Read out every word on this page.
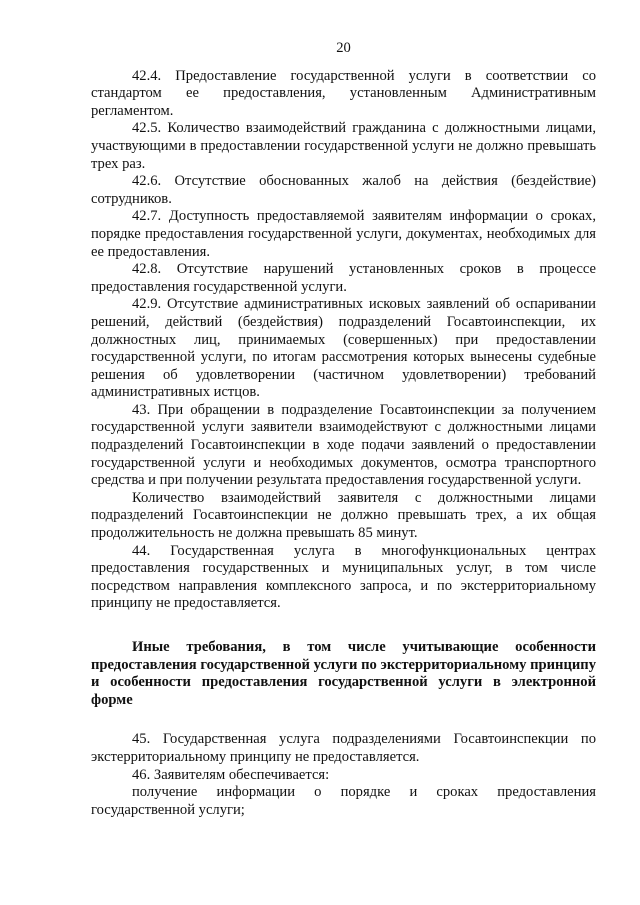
20

42.4. Предоставление государственной услуги в соответствии со стандартом ее предоставления, установленным Административным регламентом.

42.5. Количество взаимодействий гражданина с должностными лицами, участвующими в предоставлении государственной услуги не должно превышать трех раз.

42.6. Отсутствие обоснованных жалоб на действия (бездействие) сотрудников.

42.7. Доступность предоставляемой заявителям информации о сроках, порядке предоставления государственной услуги, документах, необходимых для ее предоставления.

42.8. Отсутствие нарушений установленных сроков в процессе предоставления государственной услуги.

42.9. Отсутствие административных исковых заявлений об оспаривании решений, действий (бездействия) подразделений Госавтоинспекции, их должностных лиц, принимаемых (совершенных) при предоставлении государственной услуги, по итогам рассмотрения которых вынесены судебные решения об удовлетворении (частичном удовлетворении) требований административных истцов.

43. При обращении в подразделение Госавтоинспекции за получением государственной услуги заявители взаимодействуют с должностными лицами подразделений Госавтоинспекции в ходе подачи заявлений о предоставлении государственной услуги и необходимых документов, осмотра транспортного средства и при получении результата предоставления государственной услуги.

Количество взаимодействий заявителя с должностными лицами подразделений Госавтоинспекции не должно превышать трех, а их общая продолжительность не должна превышать 85 минут.

44. Государственная услуга в многофункциональных центрах предоставления государственных и муниципальных услуг, в том числе посредством направления комплексного запроса, и по экстерриториальному принципу не предоставляется.

Иные требования, в том числе учитывающие особенности предоставления государственной услуги по экстерриториальному принципу и особенности предоставления государственной услуги в электронной форме

45. Государственная услуга подразделениями Госавтоинспекции по экстерриториальному принципу не предоставляется.

46. Заявителям обеспечивается:

получение информации о порядке и сроках предоставления государственной услуги;
